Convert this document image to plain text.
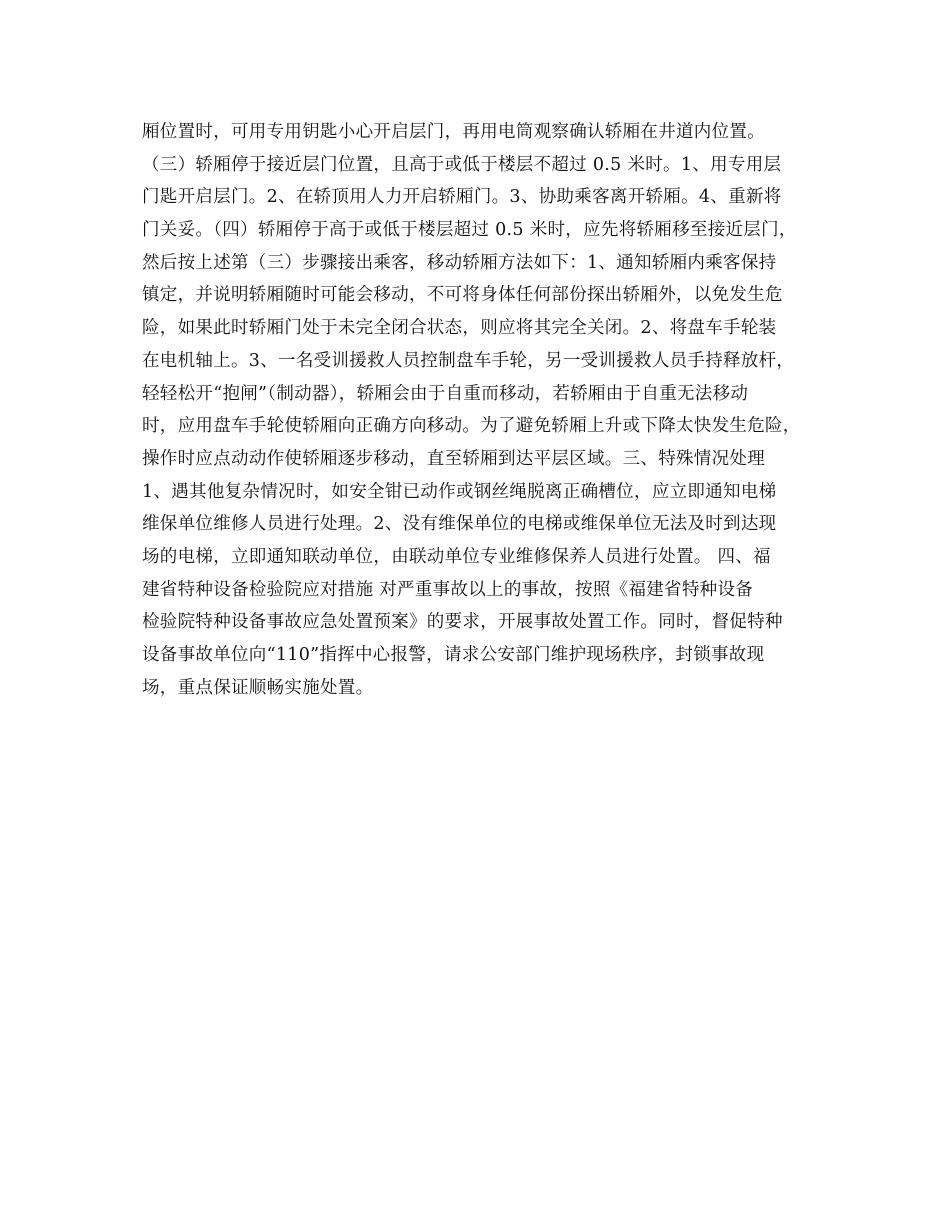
厢位置时，可用专用钥匙小心开启层门，再用电筒观察确认轿厢在井道内位置。
（三）轿厢停于接近层门位置，且高于或低于楼层不超过 0.5 米时。1、用专用层
门匙开启层门。2、在轿顶用人力开启轿厢门。3、协助乘客离开轿厢。4、重新将
门关妥。（四）轿厢停于高于或低于楼层超过 0.5 米时，应先将轿厢移至接近层门，
然后按上述第（三）步骤接出乘客，移动轿厢方法如下：1、通知轿厢内乘客保持
镇定，并说明轿厢随时可能会移动，不可将身体任何部份探出轿厢外，以免发生危
险，如果此时轿厢门处于未完全闭合状态，则应将其完全关闭。2、将盘车手轮装
在电机轴上。3、一名受训援救人员控制盘车手轮，另一受训援救人员手持释放杆，
轻轻松开“抱闸”（制动器），轿厢会由于自重而移动，若轿厢由于自重无法移动
时，应用盘车手轮使轿厢向正确方向移动。为了避免轿厢上升或下降太快发生危险，
操作时应点动动作使轿厢逐步移动，直至轿厢到达平层区域。三、特殊情况处理
1、遇其他复杂情况时，如安全钳已动作或钢丝绳脱离正确槽位，应立即通知电梯
维保单位维修人员进行处理。2、没有维保单位的电梯或维保单位无法及时到达现
场的电梯，立即通知联动单位，由联动单位专业维修保养人员进行处置。 四、福
建省特种设备检验院应对措施 对严重事故以上的事故，按照《福建省特种设备
检验院特种设备事故应急处置预案》的要求，开展事故处置工作。同时，督促特种
设备事故单位向“110”指挥中心报警，请求公安部门维护现场秩序，封锁事故现
场，重点保证顺畅实施处置。
